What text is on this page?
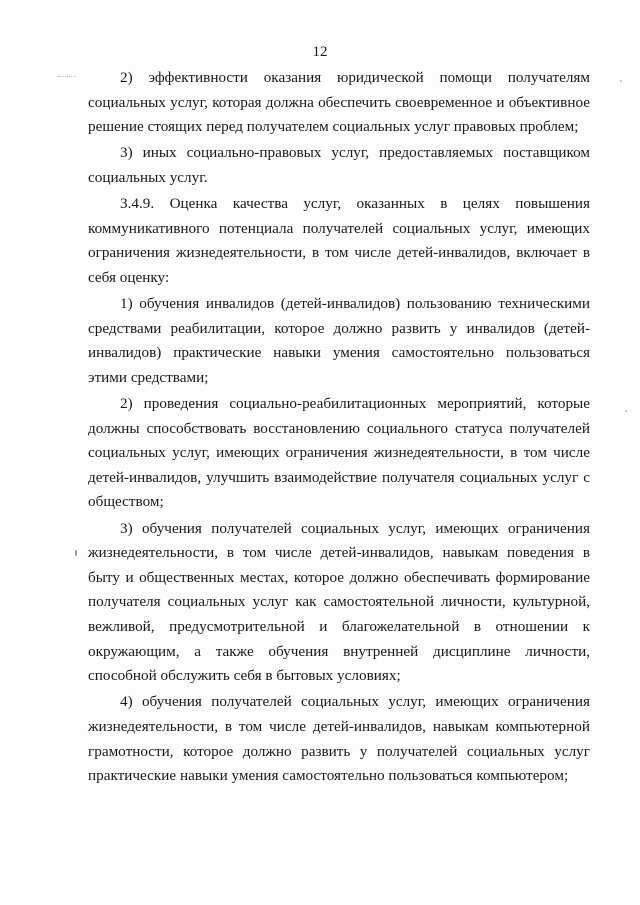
12

2) эффективности оказания юридической помощи получателям социальных услуг, которая должна обеспечить своевременное и объективное решение стоящих перед получателем социальных услуг правовых проблем;

3) иных социально-правовых услуг, предоставляемых поставщиком социальных услуг.

3.4.9. Оценка качества услуг, оказанных в целях повышения коммуникативного потенциала получателей социальных услуг, имеющих ограничения жизнедеятельности, в том числе детей-инвалидов, включает в себя оценку:

1) обучения инвалидов (детей-инвалидов) пользованию техническими средствами реабилитации, которое должно развить у инвалидов (детей-инвалидов) практические навыки умения самостоятельно пользоваться этими средствами;

2) проведения социально-реабилитационных мероприятий, которые должны способствовать восстановлению социального статуса получателей социальных услуг, имеющих ограничения жизнедеятельности, в том числе детей-инвалидов, улучшить взаимодействие получателя социальных услуг с обществом;

3) обучения получателей социальных услуг, имеющих ограничения жизнедеятельности, в том числе детей-инвалидов, навыкам поведения в быту и общественных местах, которое должно обеспечивать формирование получателя социальных услуг как самостоятельной личности, культурной, вежливой, предусмотрительной и благожелательной в отношении к окружающим, а также обучения внутренней дисциплине личности, способной обслужить себя в бытовых условиях;

4) обучения получателей социальных услуг, имеющих ограничения жизнедеятельности, в том числе детей-инвалидов, навыкам компьютерной грамотности, которое должно развить у получателей социальных услуг практические навыки умения самостоятельно пользоваться компьютером;
